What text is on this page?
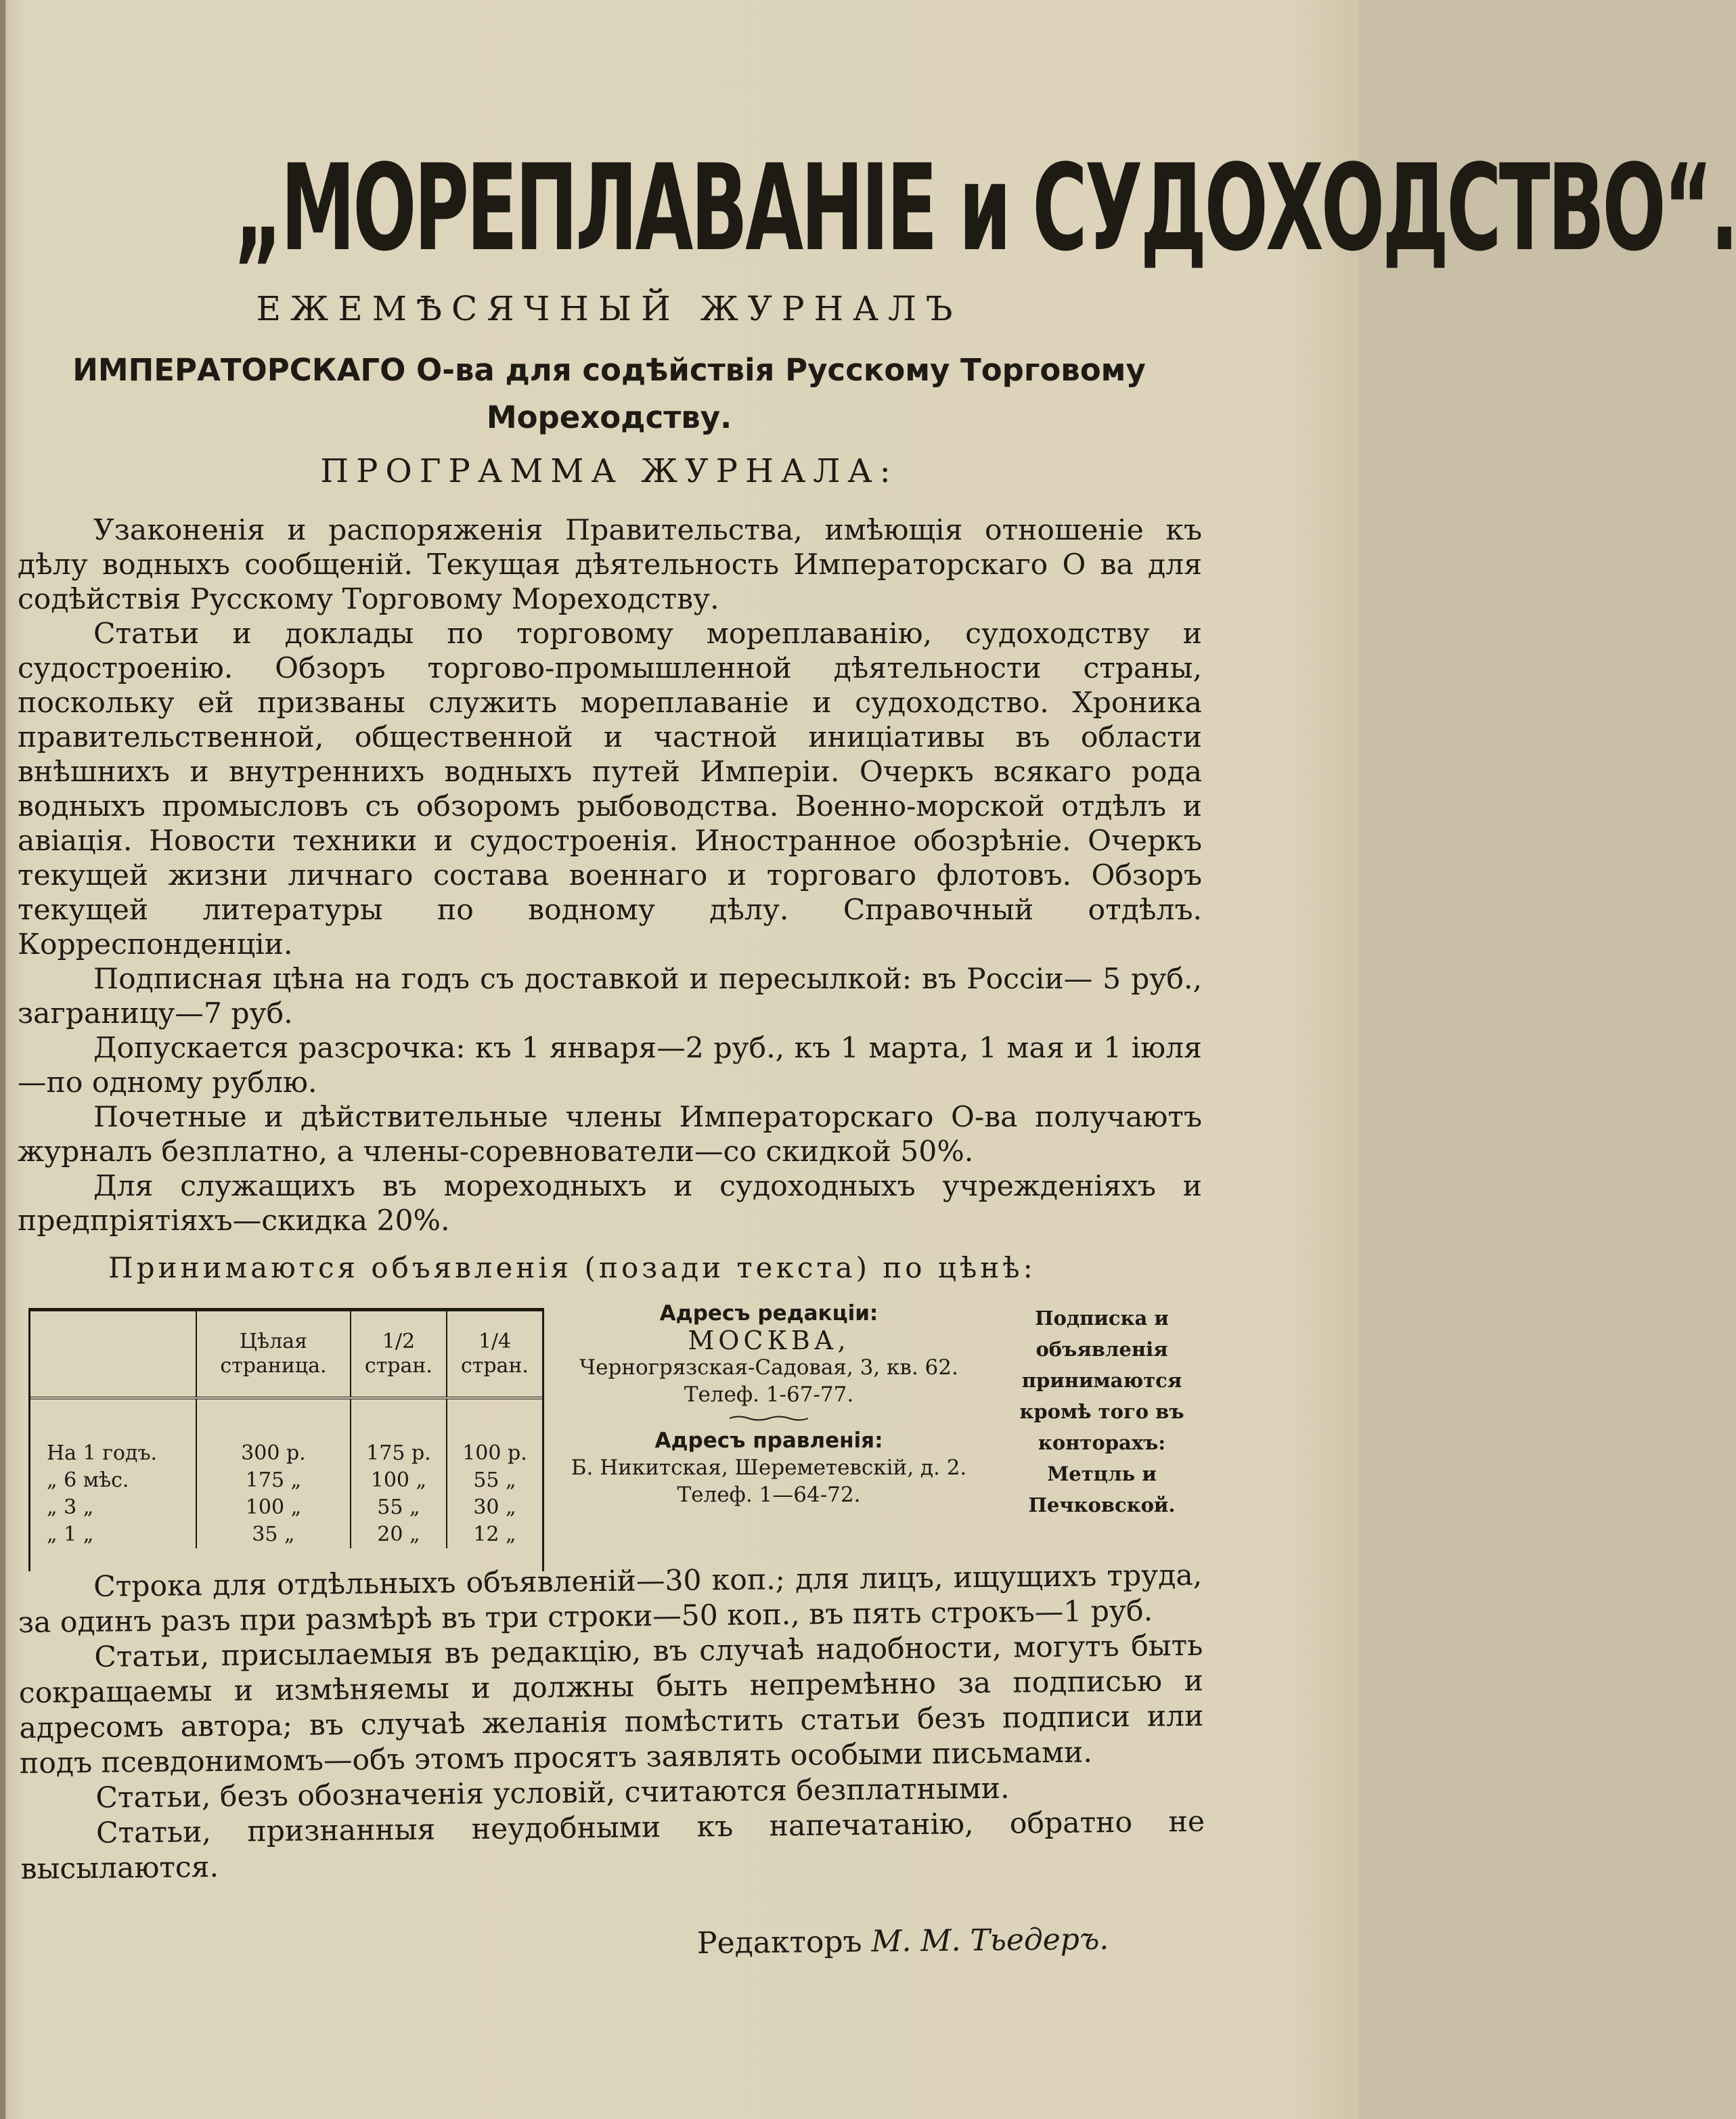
„МОРЕПЛАВАНІЕ и СУДОХОДСТВО“.
ЕЖЕМѢСЯЧНЫЙ ЖУРНАЛЪ
ИМПЕРАТОРСКАГО О-ва для содѣйствія Русскому Торговому Мореходству.
ПРОГРАММА ЖУРНАЛА:

Узаконенія и распоряженія Правительства, имѣющія отношеніе къ дѣлу водныхъ сообщеній. Текущая дѣятельность Императорскаго О ва для содѣйствія Русскому Торговому Мореходству.

Статьи и доклады по торговому мореплаванію, судоходству и судостроенію. Обзоръ торгово-промышленной дѣятельности страны, поскольку ей призваны служить мореплаваніе и судоходство. Хроника правительственной, общественной и частной иниціативы въ области внѣшнихъ и внутреннихъ водныхъ путей Имперіи. Очеркъ всякаго рода водныхъ промысловъ съ обзоромъ рыбоводства. Военно-морской отдѣлъ и авіація. Новости техники и судостроенія. Иностранное обозрѣніе. Очеркъ текущей жизни личнаго состава военнаго и торговаго флотовъ. Обзоръ текущей литературы по водному дѣлу. Справочный отдѣлъ. Корреспонденціи.

Подписная цѣна на годъ съ доставкой и пересылкой: въ Россіи— 5 руб., заграницу—7 руб.

Допускается разсрочка: къ 1 января—2 руб., къ 1 марта, 1 мая и 1 іюля—по одному рублю.

Почетные и дѣйствительные члены Императорскаго О-ва получаютъ журналъ безплатно, а члены-соревнователи—со скидкой 50%.

Для служащихъ въ мореходныхъ и судоходныхъ учрежденіяхъ и предпріятіяхъ—скидка 20%.

Принимаются объявленія (позади текста) по цѣнѣ:
	Цѣлая страница.	1/2 стран.	1/4 стран.
На 1 годъ.	300 р.	175 р.	100 р.
„ 6 мѣс.	175 „	100 „	55 „
„ 3 „	100 „	55 „	30 „
„ 1 „	35 „	20 „	12 „
Адресъ редакціи:
МОСКВА,
Черногрязская-Садовая, 3, кв. 62.
Телеф. 1-67-77.
Адресъ правленія:
Б. Никитская, Шереметевскій, д. 2.
Телеф. 1—64-72.
Подписка и объявленія принимаются кромѣ того въ конторахъ: Метцль и Печковской.

Строка для отдѣльныхъ объявленій—30 коп.; для лицъ, ищущихъ труда, за одинъ разъ при размѣрѣ въ три строки—50 коп., въ пять строкъ—1 руб.

Статьи, присылаемыя въ редакцію, въ случаѣ надобности, могутъ быть сокращаемы и измѣняемы и должны быть непремѣнно за подписью и адресомъ автора; въ случаѣ желанія помѣстить статьи безъ подписи или подъ псевдонимомъ—объ этомъ просятъ заявлять особыми письмами.

Статьи, безъ обозначенія условій, считаются безплатными.

Статьи, признанныя неудобными къ напечатанію, обратно не высылаются.

Редакторъ М. М. Тьедеръ.
